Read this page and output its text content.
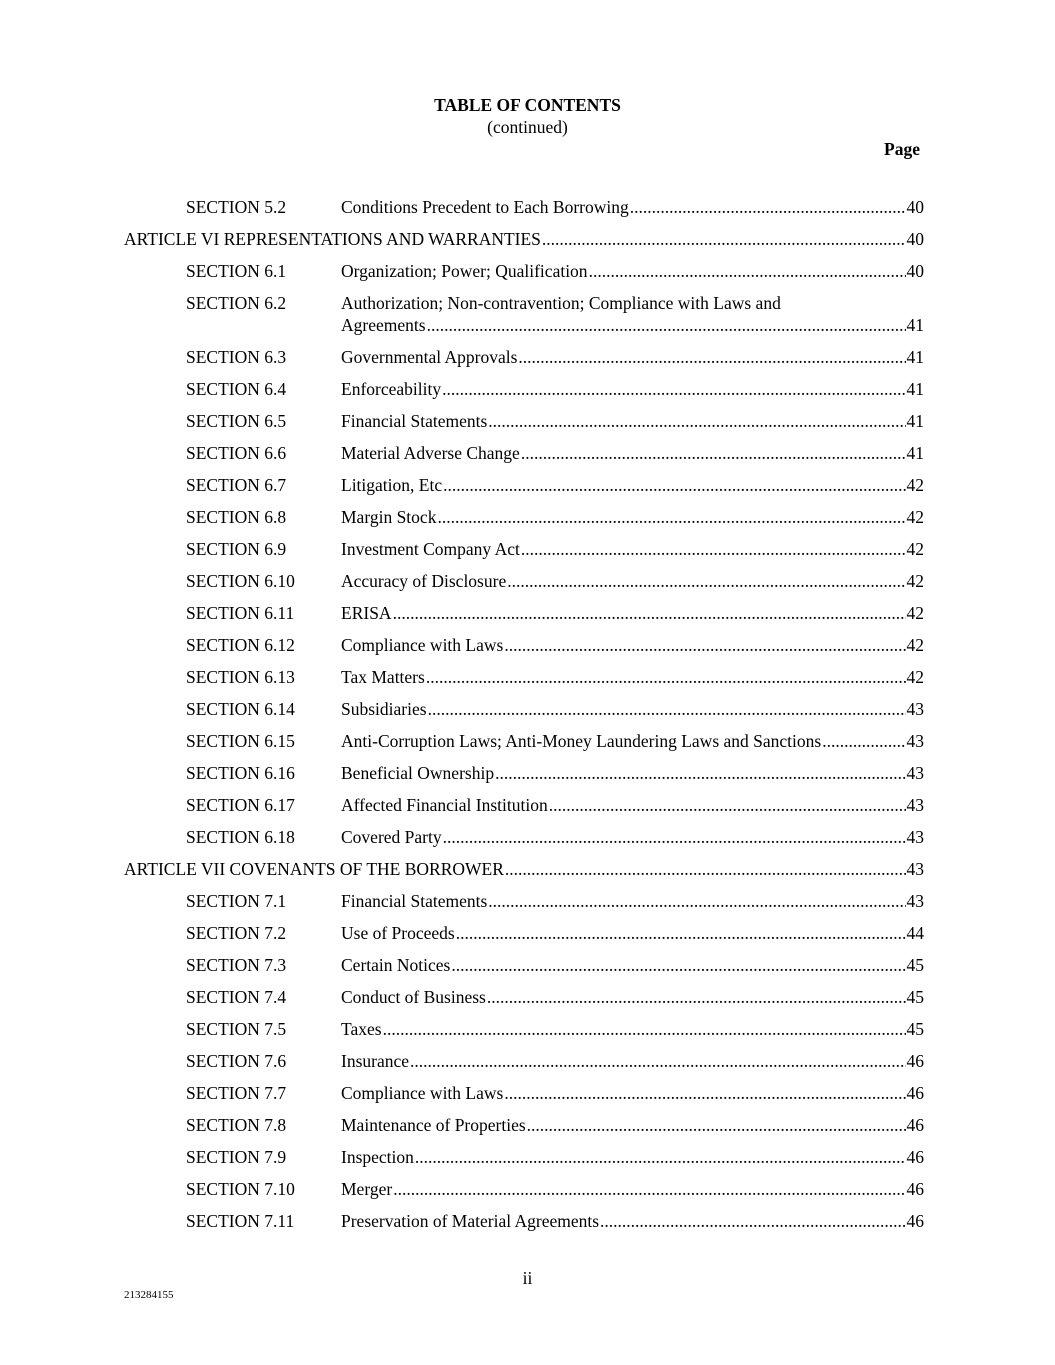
TABLE OF CONTENTS
(continued)
Page
SECTION 5.2	Conditions Precedent to Each Borrowing .....	40
ARTICLE VI REPRESENTATIONS AND WARRANTIES .....	40
SECTION 6.1	Organization; Power; Qualification .....	40
SECTION 6.2	Authorization; Non-contravention; Compliance with Laws and
Agreements .....	41
SECTION 6.3	Governmental Approvals .....	41
SECTION 6.4	Enforceability .....	41
SECTION 6.5	Financial Statements .....	41
SECTION 6.6	Material Adverse Change .....	41
SECTION 6.7	Litigation, Etc .....	42
SECTION 6.8	Margin Stock .....	42
SECTION 6.9	Investment Company Act .....	42
SECTION 6.10	Accuracy of Disclosure .....	42
SECTION 6.11	ERISA .....	42
SECTION 6.12	Compliance with Laws .....	42
SECTION 6.13	Tax Matters .....	42
SECTION 6.14	Subsidiaries .....	43
SECTION 6.15	Anti-Corruption Laws; Anti-Money Laundering Laws and Sanctions .....	43
SECTION 6.16	Beneficial Ownership .....	43
SECTION 6.17	Affected Financial Institution .....	43
SECTION 6.18	Covered Party .....	43
ARTICLE VII COVENANTS OF THE BORROWER .....	43
SECTION 7.1	Financial Statements .....	43
SECTION 7.2	Use of Proceeds .....	44
SECTION 7.3	Certain Notices .....	45
SECTION 7.4	Conduct of Business .....	45
SECTION 7.5	Taxes .....	45
SECTION 7.6	Insurance .....	46
SECTION 7.7	Compliance with Laws .....	46
SECTION 7.8	Maintenance of Properties .....	46
SECTION 7.9	Inspection .....	46
SECTION 7.10	Merger .....	46
SECTION 7.11	Preservation of Material Agreements .....	46
ii
213284155
